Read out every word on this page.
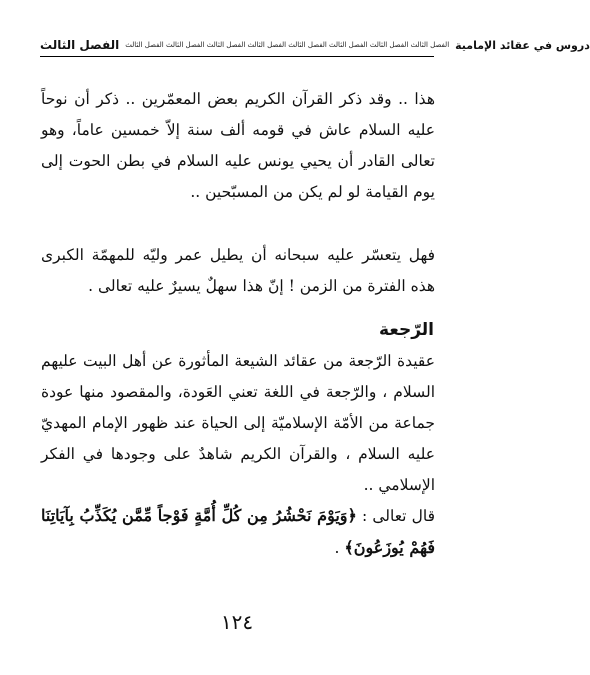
الفصل الثالث الفصل الثالث الفصل الثالث الفصل الثالث الفصل الثالث الفصل الثالث الفصل الثالث الفصل الثالث الفصل الثالث دروس في عقائد الإمامية

هذا .. وقد ذكر القرآن الكريم بعض المعمّرين .. ذكر أن نوحاً عليه السلام عاش في قومه ألف سنة إلاّ خمسين عاماً، وهو تعالى القادر أن يحيي يونس عليه السلام في بطن الحوت إلى يوم القيامة لو لم يكن من المسبّحين ..

فهل يتعسّر عليه سبحانه أن يطيل عمر وليّه للمهمّة الكبرى هذه الفترة من الزمن ! إنّ هذا سهلٌ يسيرٌ عليه تعالى .

الرّجعة

عقيدة الرّجعة من عقائد الشيعة المأثورة عن أهل البيت عليهم السلام ، والرّجعة في اللغة تعني العَودة، والمقصود منها عودة جماعة من الأمّة الإسلاميّة إلى الحياة عند ظهور الإمام المهديّ عليه السلام ، والقرآن الكريم شاهدٌ على وجودها في الفكر الإسلامي ..

قال تعالى : ﴿وَيَوْمَ نَحْشُرُ مِن كُلِّ أُمَّةٍ فَوْجاً مِّمَّن يُكَذِّبُ بِآيَاتِنَا فَهُمْ يُوزَعُونَ﴾ .

١٢٤
